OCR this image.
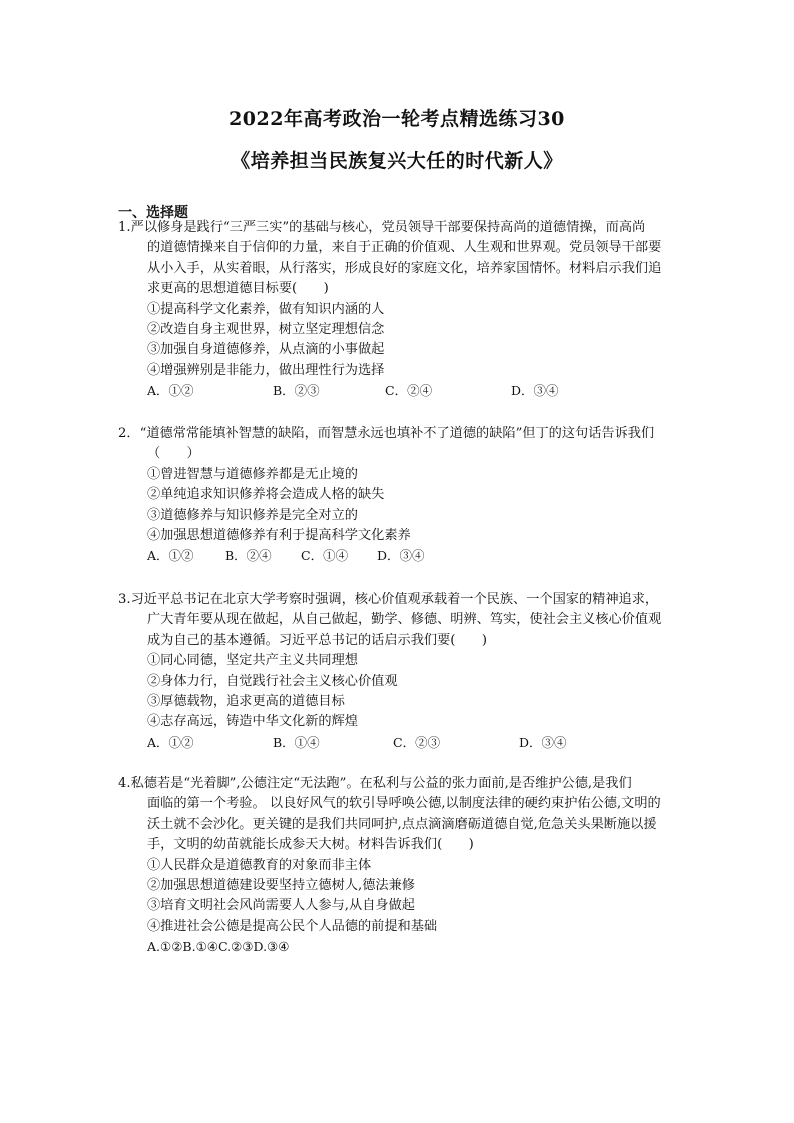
2022年高考政治一轮考点精选练习30
《培养担当民族复兴大任的时代新人》
一、选择题
1.严以修身是践行“三严三实”的基础与核心，党员领导干部要保持高尚的道德情操，而高尚
的道德情操来自于信仰的力量，来自于正确的价值观、人生观和世界观。党员领导干部要
从小入手，从实着眼，从行落实，形成良好的家庭文化，培养家国情怀。材料启示我们追
求更高的思想道德目标要(　　)
①提高科学文化素养，做有知识内涵的人
②改造自身主观世界，树立坚定理想信念
③加强自身道德修养，从点滴的小事做起
④增强辨别是非能力，做出理性行为选择
A．①②	B．②③	C．②④	D．③④
2．“道德常常能填补智慧的缺陷，而智慧永远也填补不了道德的缺陷”但丁的这句话告诉我们
（　　）
①曾进智慧与道德修养都是无止境的
②单纯追求知识修养将会造成人格的缺失
③道德修养与知识修养是完全对立的
④加强思想道德修养有利于提高科学文化素养
A．①②	B．②④ C．①④ D．③④
3.习近平总书记在北京大学考察时强调，核心价值观承载着一个民族、一个国家的精神追求，
广大青年要从现在做起，从自己做起，勤学、修德、明辨、笃实，使社会主义核心价值观
成为自己的基本遵循。习近平总书记的话启示我们要(　　)
①同心同德，坚定共产主义共同理想
②身体力行，自觉践行社会主义核心价值观
③厚德载物，追求更高的道德目标
④志存高远，铸造中华文化新的辉煌
A．①②	B．①④	C．②③	D．③④
4.私德若是“光着脚”,公德注定“无法跑”。在私利与公益的张力面前,是否维护公德,是我们
面临的第一个考验。 以良好风气的软引导呼唤公德,以制度法律的硬约束护佑公德,文明的
沃土就不会沙化。更关键的是我们共同呵护,点点滴滴磨砺道德自觉,危急关头果断施以援
手，文明的幼苗就能长成参天大树。材料告诉我们(　　)
①人民群众是道德教育的对象而非主体
②加强思想道德建设要坚持立德树人,德法兼修
③培育文明社会风尚需要人人参与,从自身做起
④推进社会公德是提高公民个人品德的前提和基础
A.①②B.①④C.②③D.③④
